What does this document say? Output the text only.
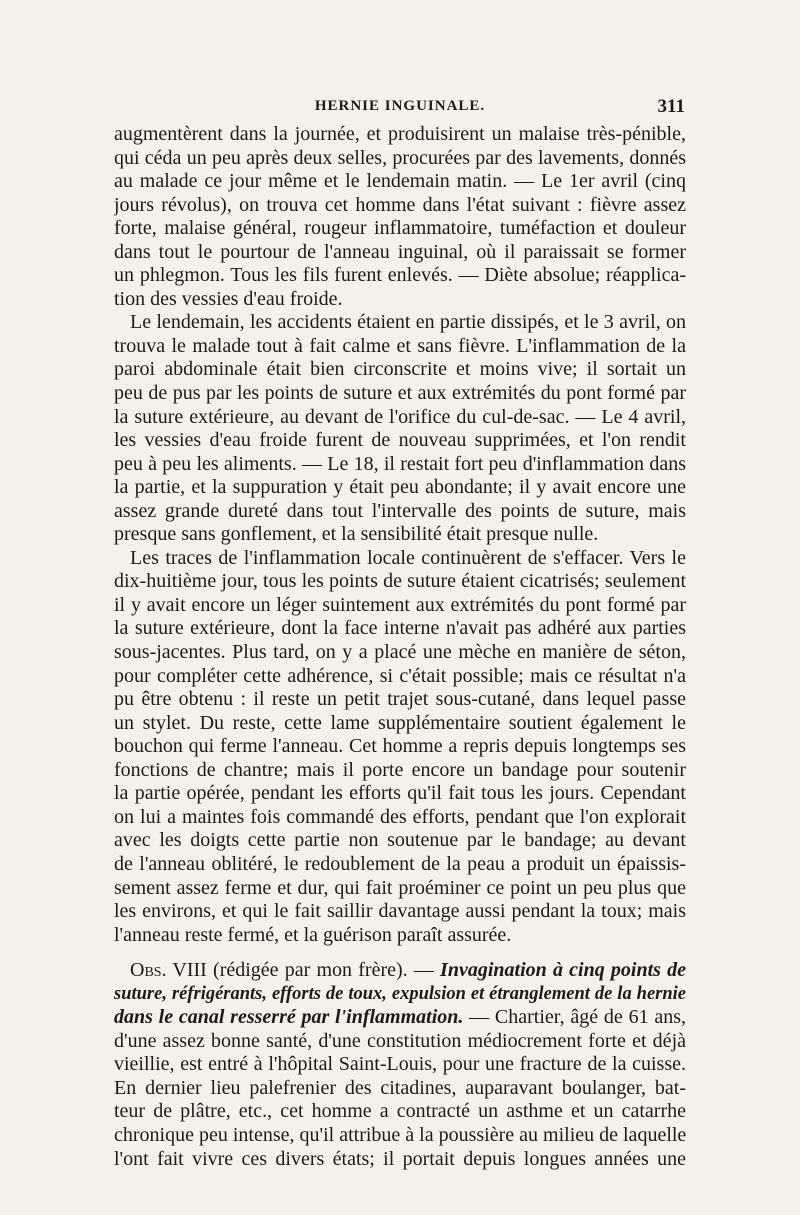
HERNIE INGUINALE.	311
augmentèrent dans la journée, et produisirent un malaise très-pénible,
qui céda un peu après deux selles, procurées par des lavements, donnés
au malade ce jour même et le lendemain matin. — Le 1er avril (cinq
jours révolus), on trouva cet homme dans l'état suivant : fièvre assez
forte, malaise général, rougeur inflammatoire, tuméfaction et douleur
dans tout le pourtour de l'anneau inguinal, où il paraissait se former
un phlegmon. Tous les fils furent enlevés. — Diète absolue; réapplica-
tion des vessies d'eau froide.
Le lendemain, les accidents étaient en partie dissipés, et le 3 avril, on
trouva le malade tout à fait calme et sans fièvre. L'inflammation de la
paroi abdominale était bien circonscrite et moins vive; il sortait un
peu de pus par les points de suture et aux extrémités du pont formé par
la suture extérieure, au devant de l'orifice du cul-de-sac. — Le 4 avril,
les vessies d'eau froide furent de nouveau supprimées, et l'on rendit
peu à peu les aliments. — Le 18, il restait fort peu d'inflammation dans
la partie, et la suppuration y était peu abondante; il y avait encore une
assez grande dureté dans tout l'intervalle des points de suture, mais
presque sans gonflement, et la sensibilité était presque nulle.
Les traces de l'inflammation locale continuèrent de s'effacer. Vers le
dix-huitième jour, tous les points de suture étaient cicatrisés; seulement
il y avait encore un léger suintement aux extrémités du pont formé par
la suture extérieure, dont la face interne n'avait pas adhéré aux parties
sous-jacentes. Plus tard, on y a placé une mèche en manière de séton,
pour compléter cette adhérence, si c'était possible; mais ce résultat n'a
pu être obtenu : il reste un petit trajet sous-cutané, dans lequel passe
un stylet. Du reste, cette lame supplémentaire soutient également le
bouchon qui ferme l'anneau. Cet homme a repris depuis longtemps ses
fonctions de chantre; mais il porte encore un bandage pour soutenir
la partie opérée, pendant les efforts qu'il fait tous les jours. Cependant
on lui a maintes fois commandé des efforts, pendant que l'on explorait
avec les doigts cette partie non soutenue par le bandage; au devant
de l'anneau oblitéré, le redoublement de la peau a produit un épaissis-
sement assez ferme et dur, qui fait proéminer ce point un peu plus que
les environs, et qui le fait saillir davantage aussi pendant la toux; mais
l'anneau reste fermé, et la guérison paraît assurée.
Obs. VIII (rédigée par mon frère). — Invagination à cinq points de
suture, réfrigérants, efforts de toux, expulsion et étranglement de la hernie
dans le canal resserré par l'inflammation. — Chartier, âgé de 61 ans,
d'une assez bonne santé, d'une constitution médiocrement forte et déjà
vieillie, est entré à l'hôpital Saint-Louis, pour une fracture de la cuisse.
En dernier lieu palefrenier des citadines, auparavant boulanger, bat-
teur de plâtre, etc., cet homme a contracté un asthme et un catarrhe
chronique peu intense, qu'il attribue à la poussière au milieu de laquelle
l'ont fait vivre ces divers états; il portait depuis longues années une
